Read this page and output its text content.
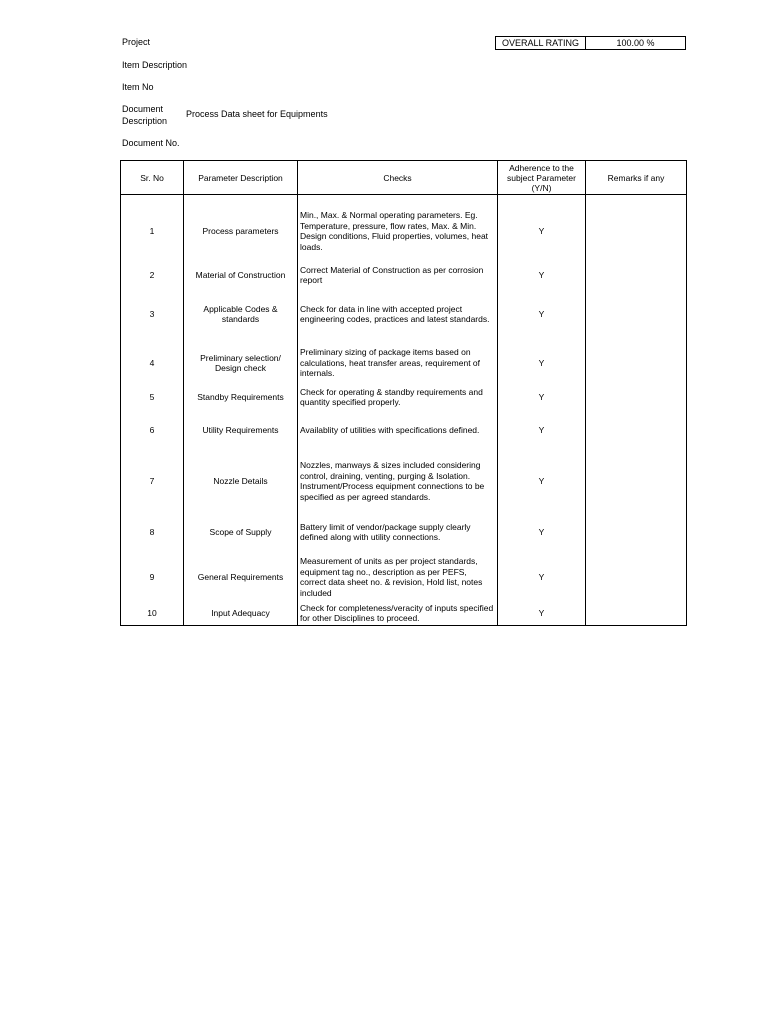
Project
Item Description
Item No
Document
Description
Process Data sheet for Equipments
Document No.
OVERALL RATING	100.00 %
Sr. No	Parameter Description	Checks	Adherence to the subject Parameter (Y/N)	Remarks if any

1	Process parameters	Min., Max. & Normal operating parameters. Eg. Temperature, pressure, flow rates, Max. & Min. Design conditions, Fluid properties, volumes, heat loads.	Y	
2	Material of Construction	Correct Material of Construction as per corrosion report	Y	
3	Applicable Codes & standards	Check for data in line with accepted project engineering codes, practices and latest standards.	Y	
4	Preliminary selection/ Design check	Preliminary sizing of package items based on calculations, heat transfer areas, requirement of internals.	Y	
5	Standby Requirements	Check for operating & standby requirements and quantity specified properly.	Y	
6	Utility Requirements	Availablity of utilities with specifications defined.	Y	
7	Nozzle Details	Nozzles, manways & sizes included considering control, draining, venting, purging & Isolation. Instrument/Process equipment connections to be specified as per agreed standards.	Y	
8	Scope of Supply	Battery limit of vendor/package supply clearly defined along with utility connections.	Y	
9	General Requirements	Measurement of units as per project standards, equipment tag no., description as per PEFS, correct data sheet no. & revision, Hold list, notes included	Y	
10	Input Adequacy	Check for completeness/veracity of inputs specified for other Disciplines to proceed.	Y	
